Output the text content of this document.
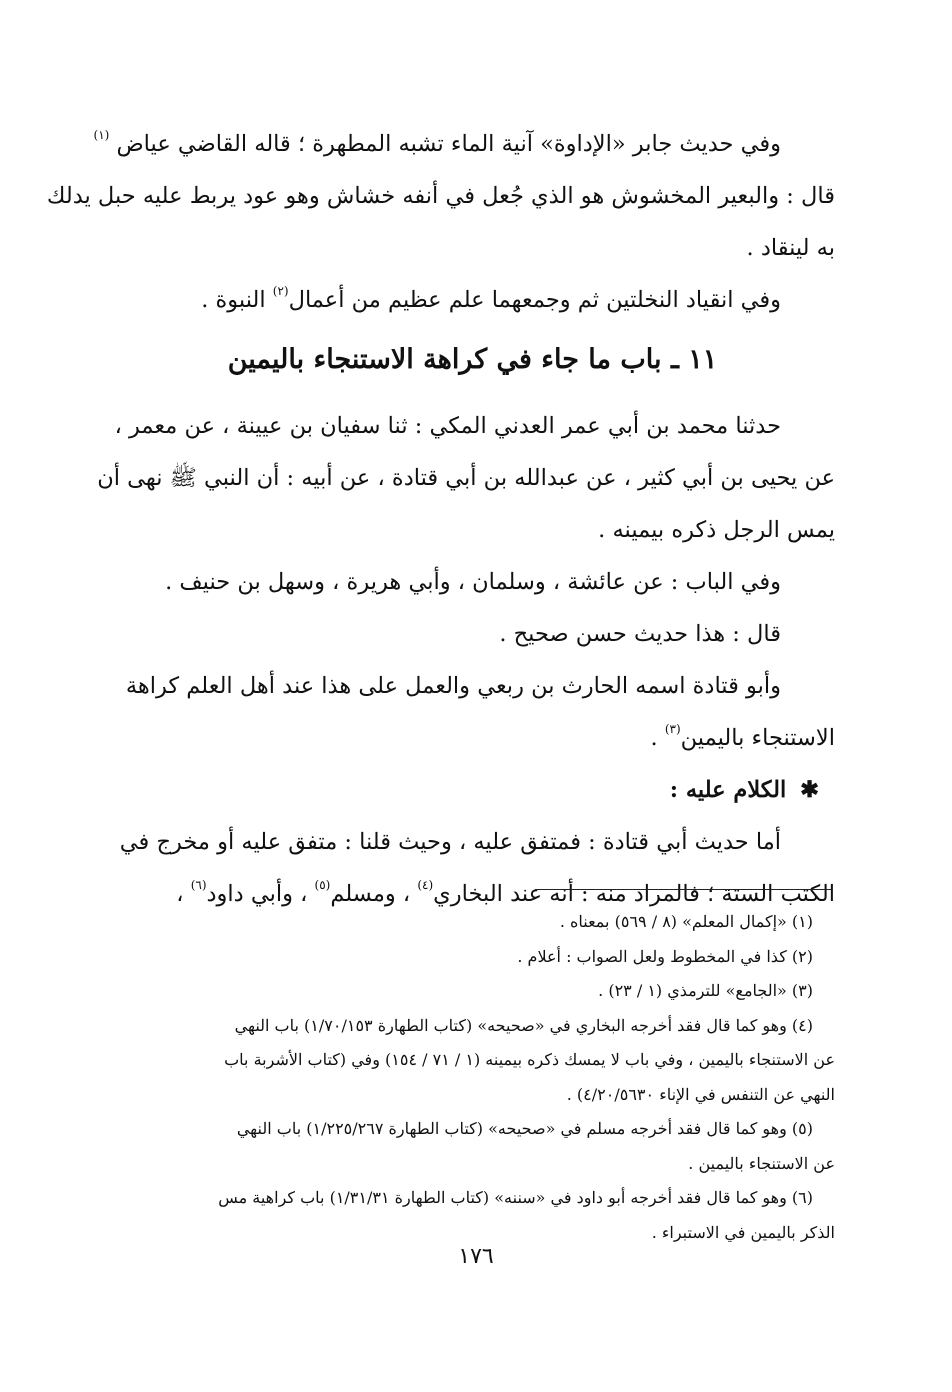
وفي حديث جابر «الإداوة» آنية الماء تشبه المطهرة ؛ قاله القاضي عياض $^{(١)}$
قال : والبعير المخشوش هو الذي جُعل في أنفه خشاش وهو عود يربط عليه حبل يدلك
به لينقاد .
وفي انقياد النخلتين ثم وجمعهما علم عظيم من أعمال$^{(٢)}$ النبوة .
١١ ـ باب ما جاء في كراهة الاستنجاء باليمين
حدثنا محمد بن أبي عمر العدني المكي : ثنا سفيان بن عيينة ، عن معمر ،
عن يحيى بن أبي كثير ، عن عبدالله بن أبي قتادة ، عن أبيه : أن النبي ﷺ نهى أن
يمس الرجل ذكره بيمينه .
وفي الباب : عن عائشة ، وسلمان ، وأبي هريرة ، وسهل بن حنيف .
قال : هذا حديث حسن صحيح .
وأبو قتادة اسمه الحارث بن ربعي والعمل على هذا عند أهل العلم كراهة
الاستنجاء باليمين$^{(٣)}$ .
✱ الكلام عليه :
أما حديث أبي قتادة : فمتفق عليه ، وحيث قلنا : متفق عليه أو مخرج في
الكتب الستة ؛ فالمراد منه : أنه عند البخاري$^{(٤)}$ ، ومسلم$^{(٥)}$ ، وأبي داود$^{(٦)}$ ،
(١) «إكمال المعلم» (٨ / ٥٦٩) بمعناه .
(٢) كذا في المخطوط ولعل الصواب : أعلام .
(٣) «الجامع» للترمذي (١ / ٢٣) .
(٤) وهو كما قال فقد أخرجه البخاري في «صحيحه» (كتاب الطهارة ١/٧٠/١٥٣) باب النهي
عن الاستنجاء باليمين ، وفي باب لا يمسك ذكره بيمينه (١ / ٧١ / ١٥٤) وفي (كتاب الأشربة باب
النهي عن التنفس في الإناء ٤/٢٠/٥٦٣٠) .
(٥) وهو كما قال فقد أخرجه مسلم في «صحيحه» (كتاب الطهارة ١/٢٢٥/٢٦٧) باب النهي
عن الاستنجاء باليمين .
(٦) وهو كما قال فقد أخرجه أبو داود في «سننه» (كتاب الطهارة ١/٣١/٣١) باب كراهية مس
الذكر باليمين في الاستبراء .
١٧٦
